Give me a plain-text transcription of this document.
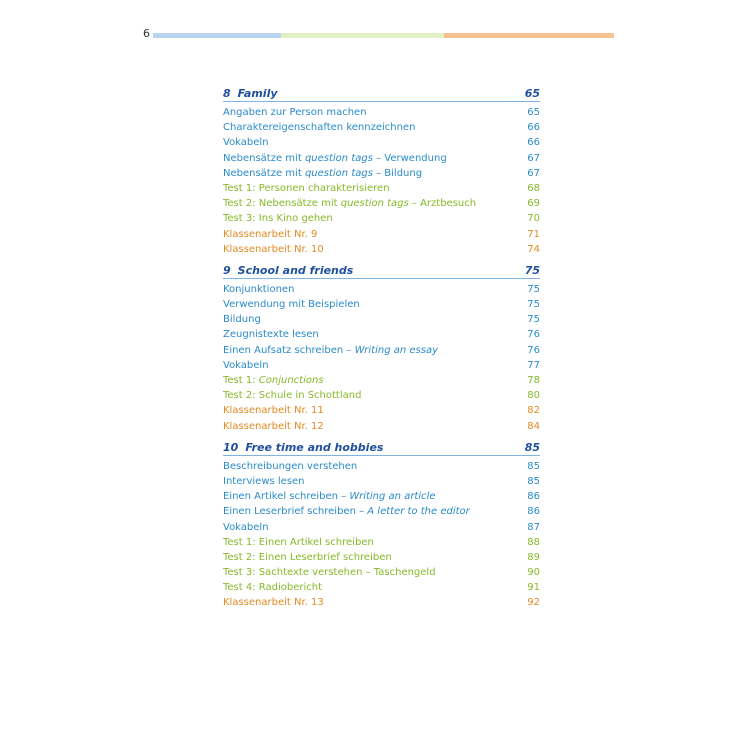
6
8 Family	65
Angaben zur Person machen	65
Charaktereigenschaften kennzeichnen	66
Vokabeln	66
Nebensätze mit question tags – Verwendung	67
Nebensätze mit question tags – Bildung	67
Test 1: Personen charakterisieren	68
Test 2: Nebensätze mit question tags – Arztbesuch	69
Test 3: Ins Kino gehen	70
Klassenarbeit Nr. 9	71
Klassenarbeit Nr. 10	74
9 School and friends	75
Konjunktionen	75
Verwendung mit Beispielen	75
Bildung	75
Zeugnistexte lesen	76
Einen Aufsatz schreiben – Writing an essay	76
Vokabeln	77
Test 1: Conjunctions	78
Test 2: Schule in Schottland	80
Klassenarbeit Nr. 11	82
Klassenarbeit Nr. 12	84
10 Free time and hobbies	85
Beschreibungen verstehen	85
Interviews lesen	85
Einen Artikel schreiben – Writing an article	86
Einen Leserbrief schreiben – A letter to the editor	86
Vokabeln	87
Test 1: Einen Artikel schreiben	88
Test 2: Einen Leserbrief schreiben	89
Test 3: Sachtexte verstehen – Taschengeld	90
Test 4: Radiobericht	91
Klassenarbeit Nr. 13	92
